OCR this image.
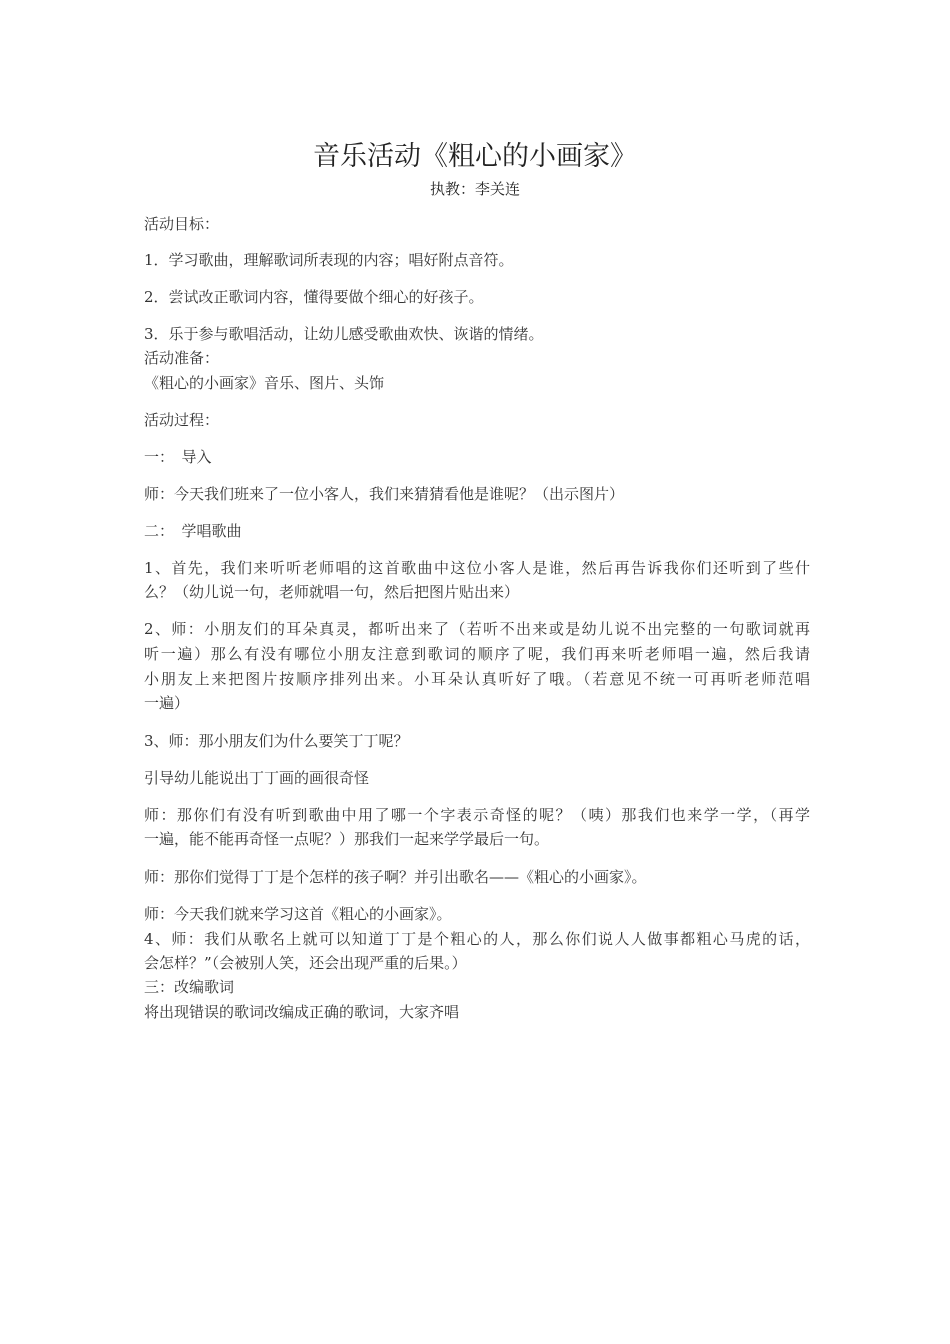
音乐活动《粗心的小画家》
执教：李关连
活动目标：
1．学习歌曲，理解歌词所表现的内容；唱好附点音符。
2．尝试改正歌词内容，懂得要做个细心的好孩子。
3．乐于参与歌唱活动，让幼儿感受歌曲欢快、诙谐的情绪。
活动准备：
《粗心的小画家》音乐、图片、头饰
活动过程：
一：　导入
师：今天我们班来了一位小客人，我们来猜猜看他是谁呢？（出示图片）
二：　学唱歌曲
1、首先，我们来听听老师唱的这首歌曲中这位小客人是谁，然后再告诉我你们还听到了些什
么？（幼儿说一句，老师就唱一句，然后把图片贴出来）
2、师：小朋友们的耳朵真灵，都听出来了（若听不出来或是幼儿说不出完整的一句歌词就再
听一遍）那么有没有哪位小朋友注意到歌词的顺序了呢，我们再来听老师唱一遍，然后我请
小朋友上来把图片按顺序排列出来。小耳朵认真听好了哦。（若意见不统一可再听老师范唱
一遍）
3、师：那小朋友们为什么要笑丁丁呢？
引导幼儿能说出丁丁画的画很奇怪
师：那你们有没有听到歌曲中用了哪一个字表示奇怪的呢？（咦）那我们也来学一学，（再学
一遍，能不能再奇怪一点呢？）那我们一起来学学最后一句。
师：那你们觉得丁丁是个怎样的孩子啊？并引出歌名——《粗心的小画家》。
师：今天我们就来学习这首《粗心的小画家》。
4、师：我们从歌名上就可以知道丁丁是个粗心的人，那么你们说人人做事都粗心马虎的话，
会怎样？”（会被别人笑，还会出现严重的后果。）
三：改编歌词
将出现错误的歌词改编成正确的歌词，大家齐唱
